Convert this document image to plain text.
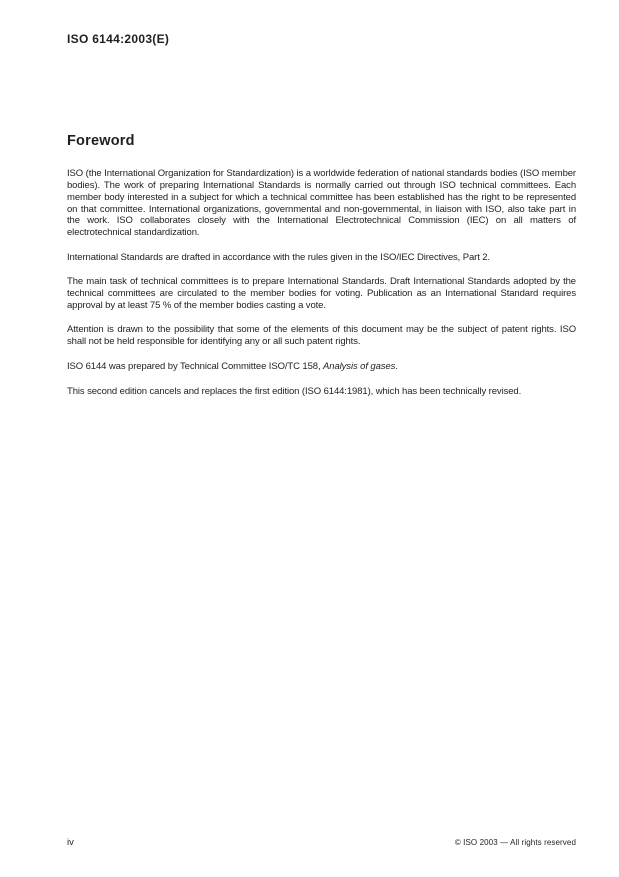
ISO 6144:2003(E)
Foreword

ISO (the International Organization for Standardization) is a worldwide federation of national standards bodies (ISO member bodies). The work of preparing International Standards is normally carried out through ISO technical committees. Each member body interested in a subject for which a technical committee has been established has the right to be represented on that committee. International organizations, governmental and non-governmental, in liaison with ISO, also take part in the work. ISO collaborates closely with the International Electrotechnical Commission (IEC) on all matters of electrotechnical standardization.

International Standards are drafted in accordance with the rules given in the ISO/IEC Directives, Part 2.

The main task of technical committees is to prepare International Standards. Draft International Standards adopted by the technical committees are circulated to the member bodies for voting. Publication as an International Standard requires approval by at least 75 % of the member bodies casting a vote.

Attention is drawn to the possibility that some of the elements of this document may be the subject of patent rights. ISO shall not be held responsible for identifying any or all such patent rights.

ISO 6144 was prepared by Technical Committee ISO/TC 158, Analysis of gases.

This second edition cancels and replaces the first edition (ISO 6144:1981), which has been technically revised.

iv	© ISO 2003 — All rights reserved
